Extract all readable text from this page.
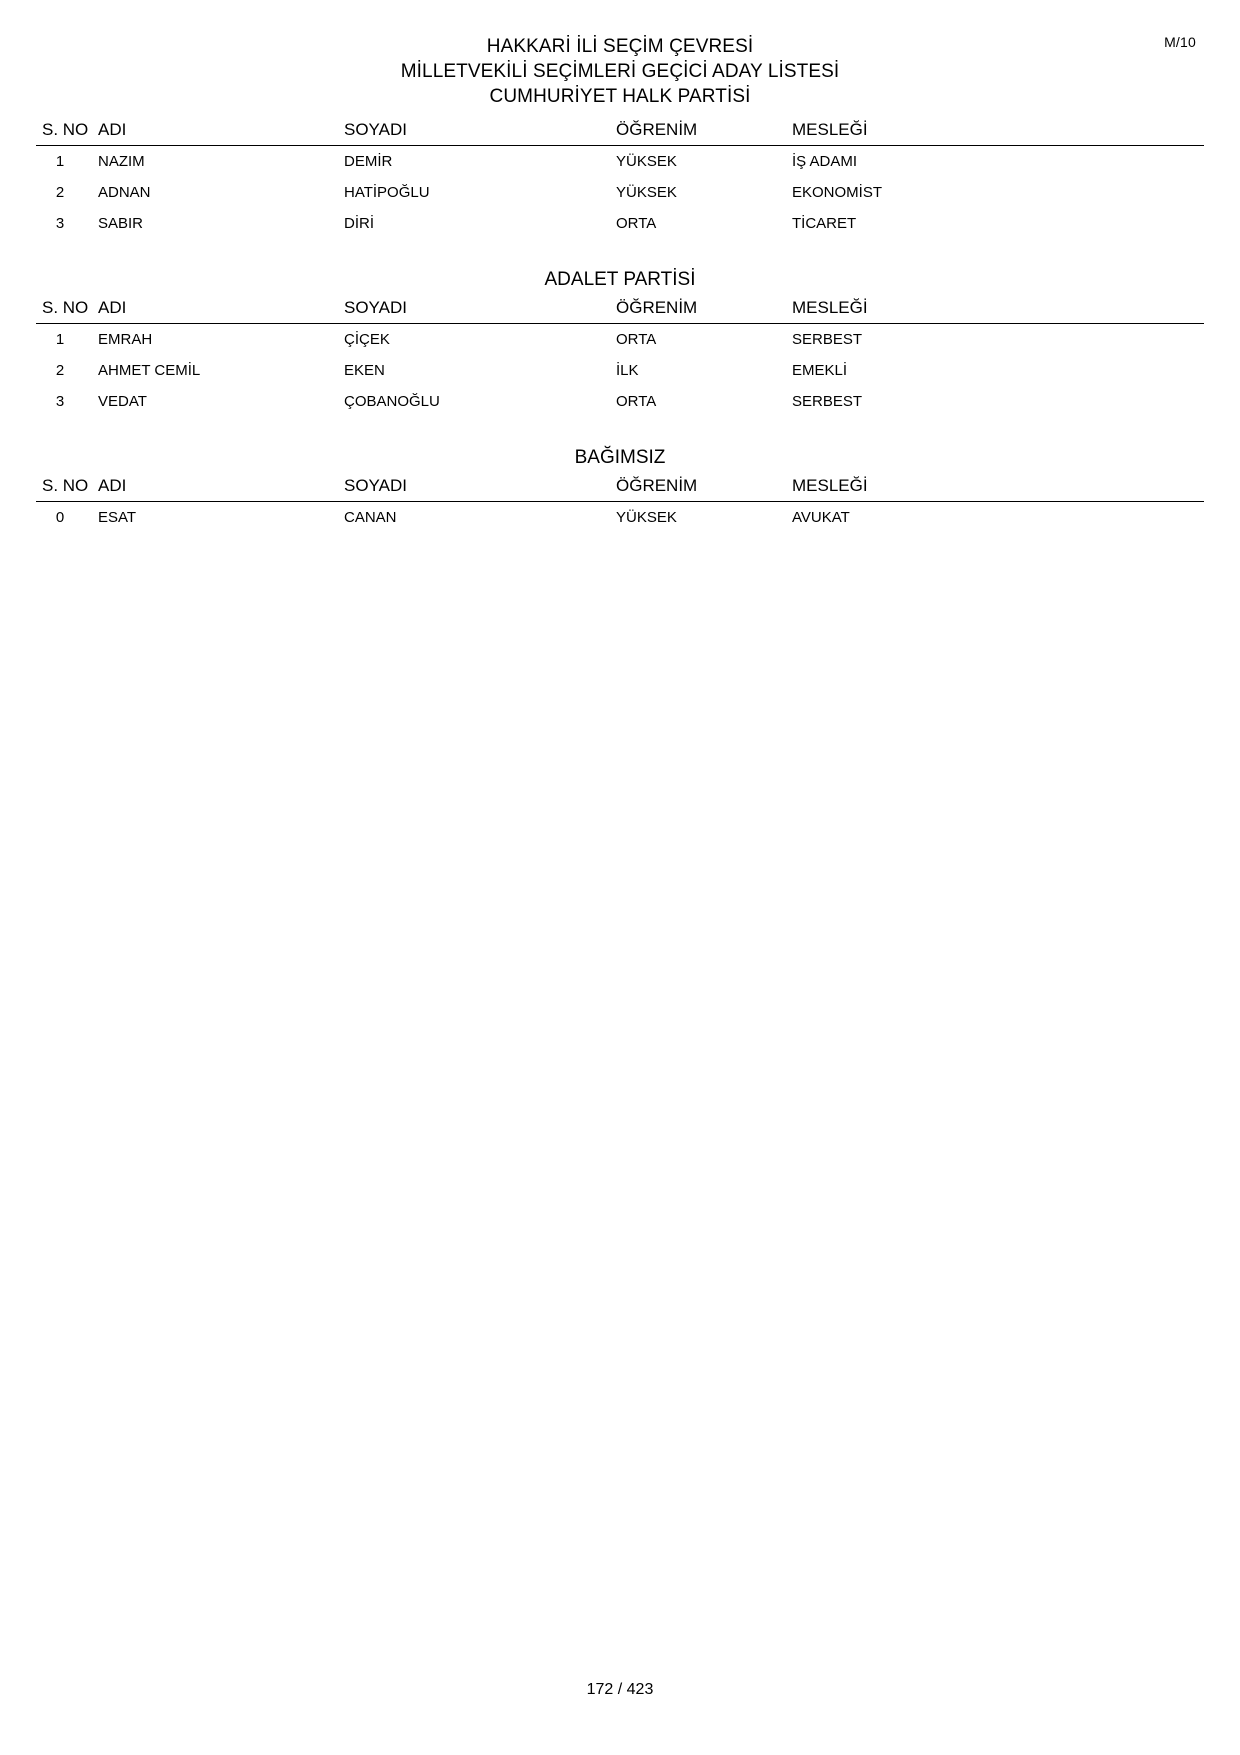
M/10
HAKKARİ İLİ SEÇİM ÇEVRESİ
MİLLETVEKİLİ SEÇİMLERİ GEÇİCİ ADAY LİSTESİ
CUMHURİYET HALK PARTİSİ
S. NO	ADI	SOYADI	ÖĞRENİM	MESLEĞİ
1	NAZIM	DEMİR	YÜKSEK	İŞ ADAMI
2	ADNAN	HATİPOĞLU	YÜKSEK	EKONOMİST
3	SABIR	DİRİ	ORTA	TİCARET
ADALET PARTİSİ
S. NO	ADI	SOYADI	ÖĞRENİM	MESLEĞİ
1	EMRAH	ÇİÇEK	ORTA	SERBEST
2	AHMET CEMİL	EKEN	İLK	EMEKLİ
3	VEDAT	ÇOBANOĞLU	ORTA	SERBEST
BAĞIMSIZ
S. NO	ADI	SOYADI	ÖĞRENİM	MESLEĞİ
0	ESAT	CANAN	YÜKSEK	AVUKAT
172 / 423
